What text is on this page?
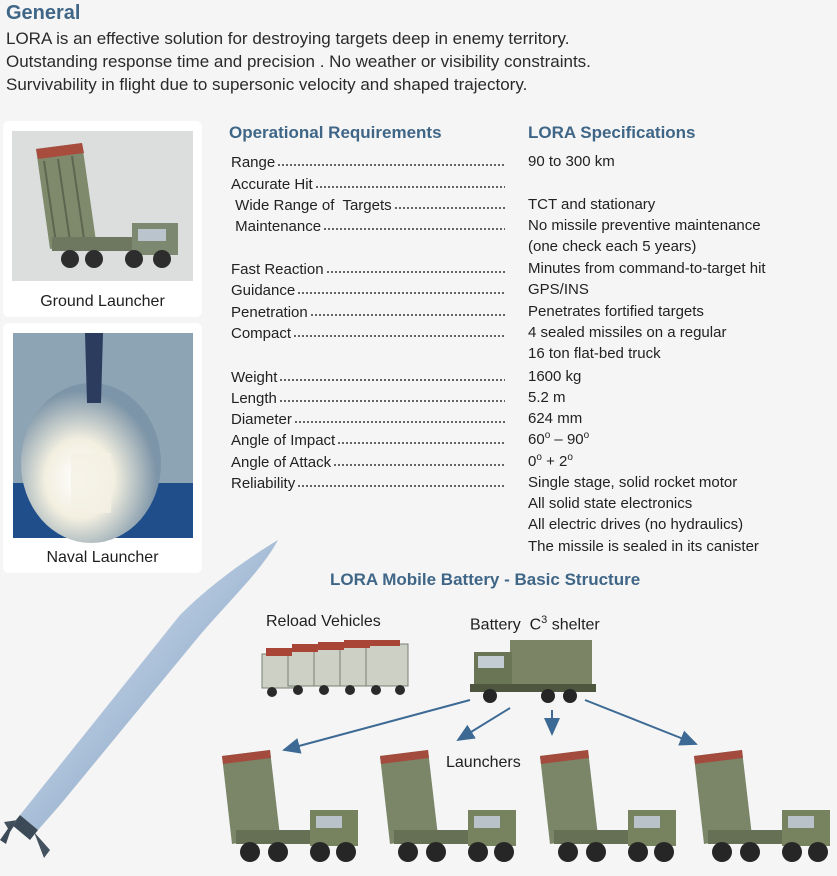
General
LORA is an effective solution for destroying targets deep in enemy territory.
Outstanding response time and precision . No weather or visibility constraints.
Survivability in flight due to supersonic velocity and shaped trajectory.
Ground Launcher
Naval Launcher
Operational Requirements	LORA Specifications
Range
Accurate Hit
Wide Range of  Targets
Maintenance
Fast Reaction
Guidance
Penetration
Compact
Weight
Length
Diameter
Angle of Impact
Angle of Attack
Reliability
90 to 300 km
TCT and stationary
No missile preventive maintenance
(one check each 5 years)
Minutes from command-to-target hit
GPS/INS
Penetrates fortified targets
4 sealed missiles on a regular
16 ton flat-bed truck
1600 kg
5.2 m
624 mm
60$^o$ – 90$^o$
$0^o + 2^o$
Single stage, solid rocket motor
All solid state electronics
All electric drives (no hydraulics)
The missile is sealed in its canister
LORA Mobile Battery - Basic Structure
Reload Vehicles	Battery  $C^3$ shelter
Launchers
